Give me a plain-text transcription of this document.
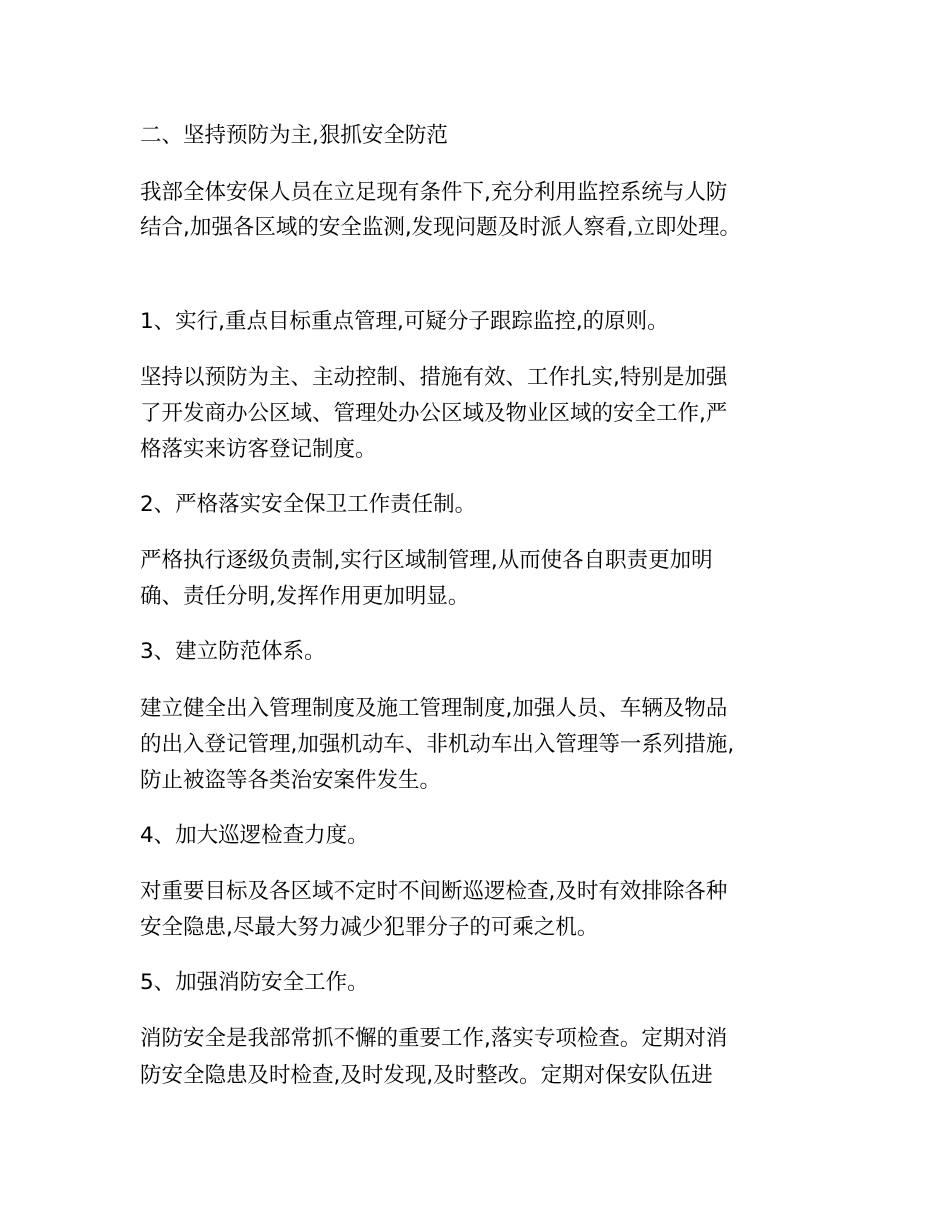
二、坚持预防为主,狠抓安全防范

我部全体安保人员在立足现有条件下,充分利用监控系统与人防

结合,加强各区域的安全监测,发现问题及时派人察看,立即处理。

1、实行,重点目标重点管理,可疑分子跟踪监控,的原则。

坚持以预防为主、主动控制、措施有效、工作扎实,特别是加强

了开发商办公区域、管理处办公区域及物业区域的安全工作,严

格落实来访客登记制度。

2、严格落实安全保卫工作责任制。

严格执行逐级负责制,实行区域制管理,从而使各自职责更加明

确、责任分明,发挥作用更加明显。

3、建立防范体系。

建立健全出入管理制度及施工管理制度,加强人员、车辆及物品

的出入登记管理,加强机动车、非机动车出入管理等一系列措施,

防止被盗等各类治安案件发生。

4、加大巡逻检查力度。

对重要目标及各区域不定时不间断巡逻检查,及时有效排除各种

安全隐患,尽最大努力减少犯罪分子的可乘之机。

5、加强消防安全工作。

消防安全是我部常抓不懈的重要工作,落实专项检查。定期对消

防安全隐患及时检查,及时发现,及时整改。定期对保安队伍进
